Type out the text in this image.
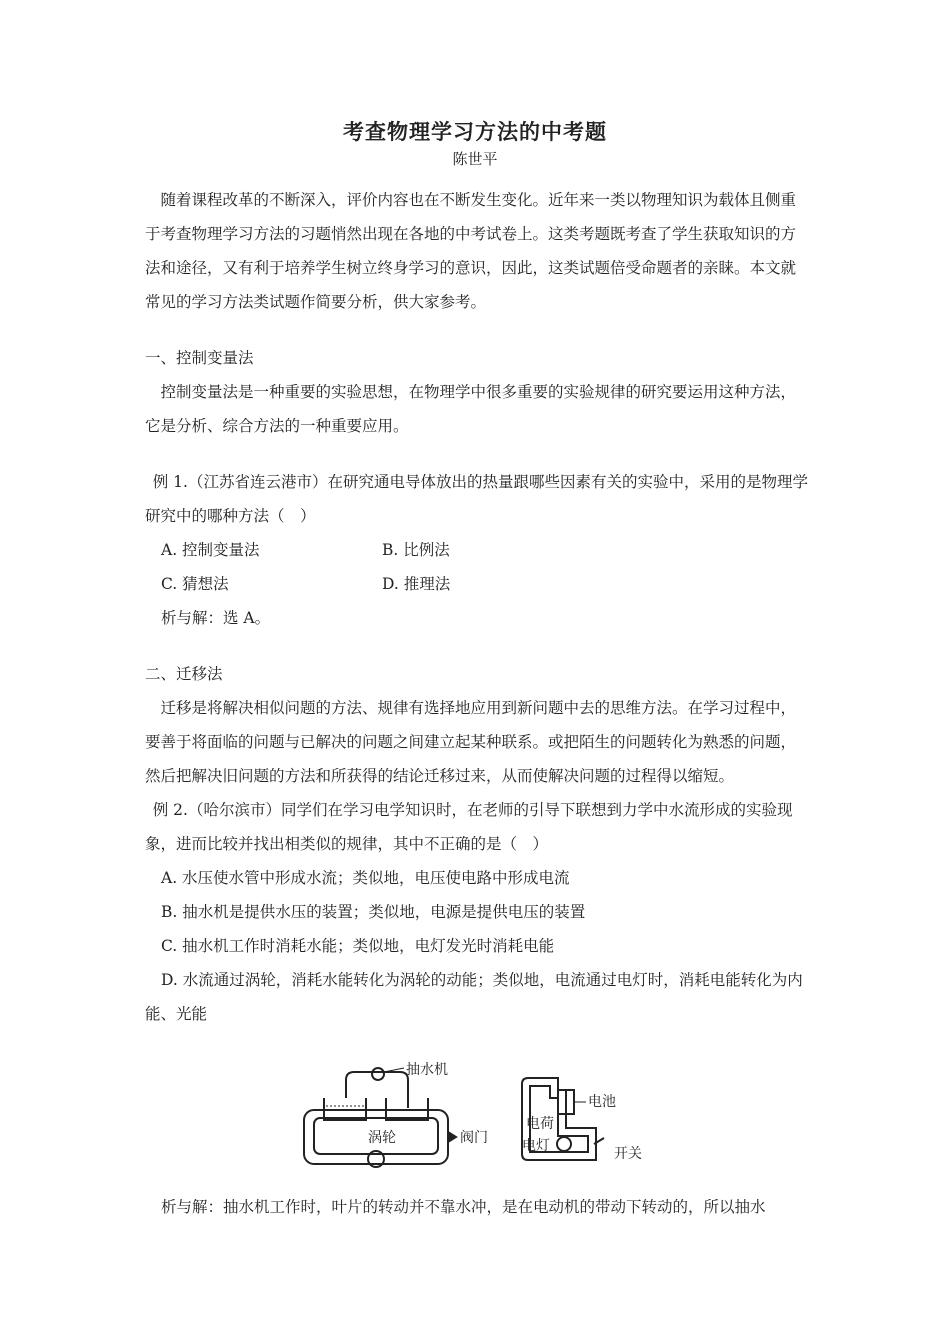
考查物理学习方法的中考题
陈世平

随着课程改革的不断深入，评价内容也在不断发生变化。近年来一类以物理知识为载体且侧重于考查物理学习方法的习题悄然出现在各地的中考试卷上。这类考题既考查了学生获取知识的方法和途径，又有利于培养学生树立终身学习的意识，因此，这类试题倍受命题者的亲睐。本文就常见的学习方法类试题作简要分析，供大家参考。

一、控制变量法

控制变量法是一种重要的实验思想，在物理学中很多重要的实验规律的研究要运用这种方法，它是分析、综合方法的一种重要应用。

例 1.（江苏省连云港市）在研究通电导体放出的热量跟哪些因素有关的实验中，采用的是物理学研究中的哪种方法（　）

A. 控制变量法	B. 比例法
C. 猜想法	D. 推理法

析与解：选 A。

二、迁移法

迁移是将解决相似问题的方法、规律有选择地应用到新问题中去的思维方法。在学习过程中，要善于将面临的问题与已解决的问题之间建立起某种联系。或把陌生的问题转化为熟悉的问题，然后把解决旧问题的方法和所获得的结论迁移过来，从而使解决问题的过程得以缩短。

例 2.（哈尔滨市）同学们在学习电学知识时，在老师的引导下联想到力学中水流形成的实验现象，进而比较并找出相类似的规律，其中不正确的是（　）

A. 水压使水管中形成水流；类似地，电压使电路中形成电流

B. 抽水机是提供水压的装置；类似地，电源是提供电压的装置

C. 抽水机工作时消耗水能；类似地，电灯发光时消耗电能

D. 水流通过涡轮，消耗水能转化为涡轮的动能；类似地，电流通过电灯时，消耗电能转化为内能、光能

抽水机
涡轮	阀门
电池
电荷
电灯	开关

析与解：抽水机工作时，叶片的转动并不靠水冲，是在电动机的带动下转动的，所以抽水
